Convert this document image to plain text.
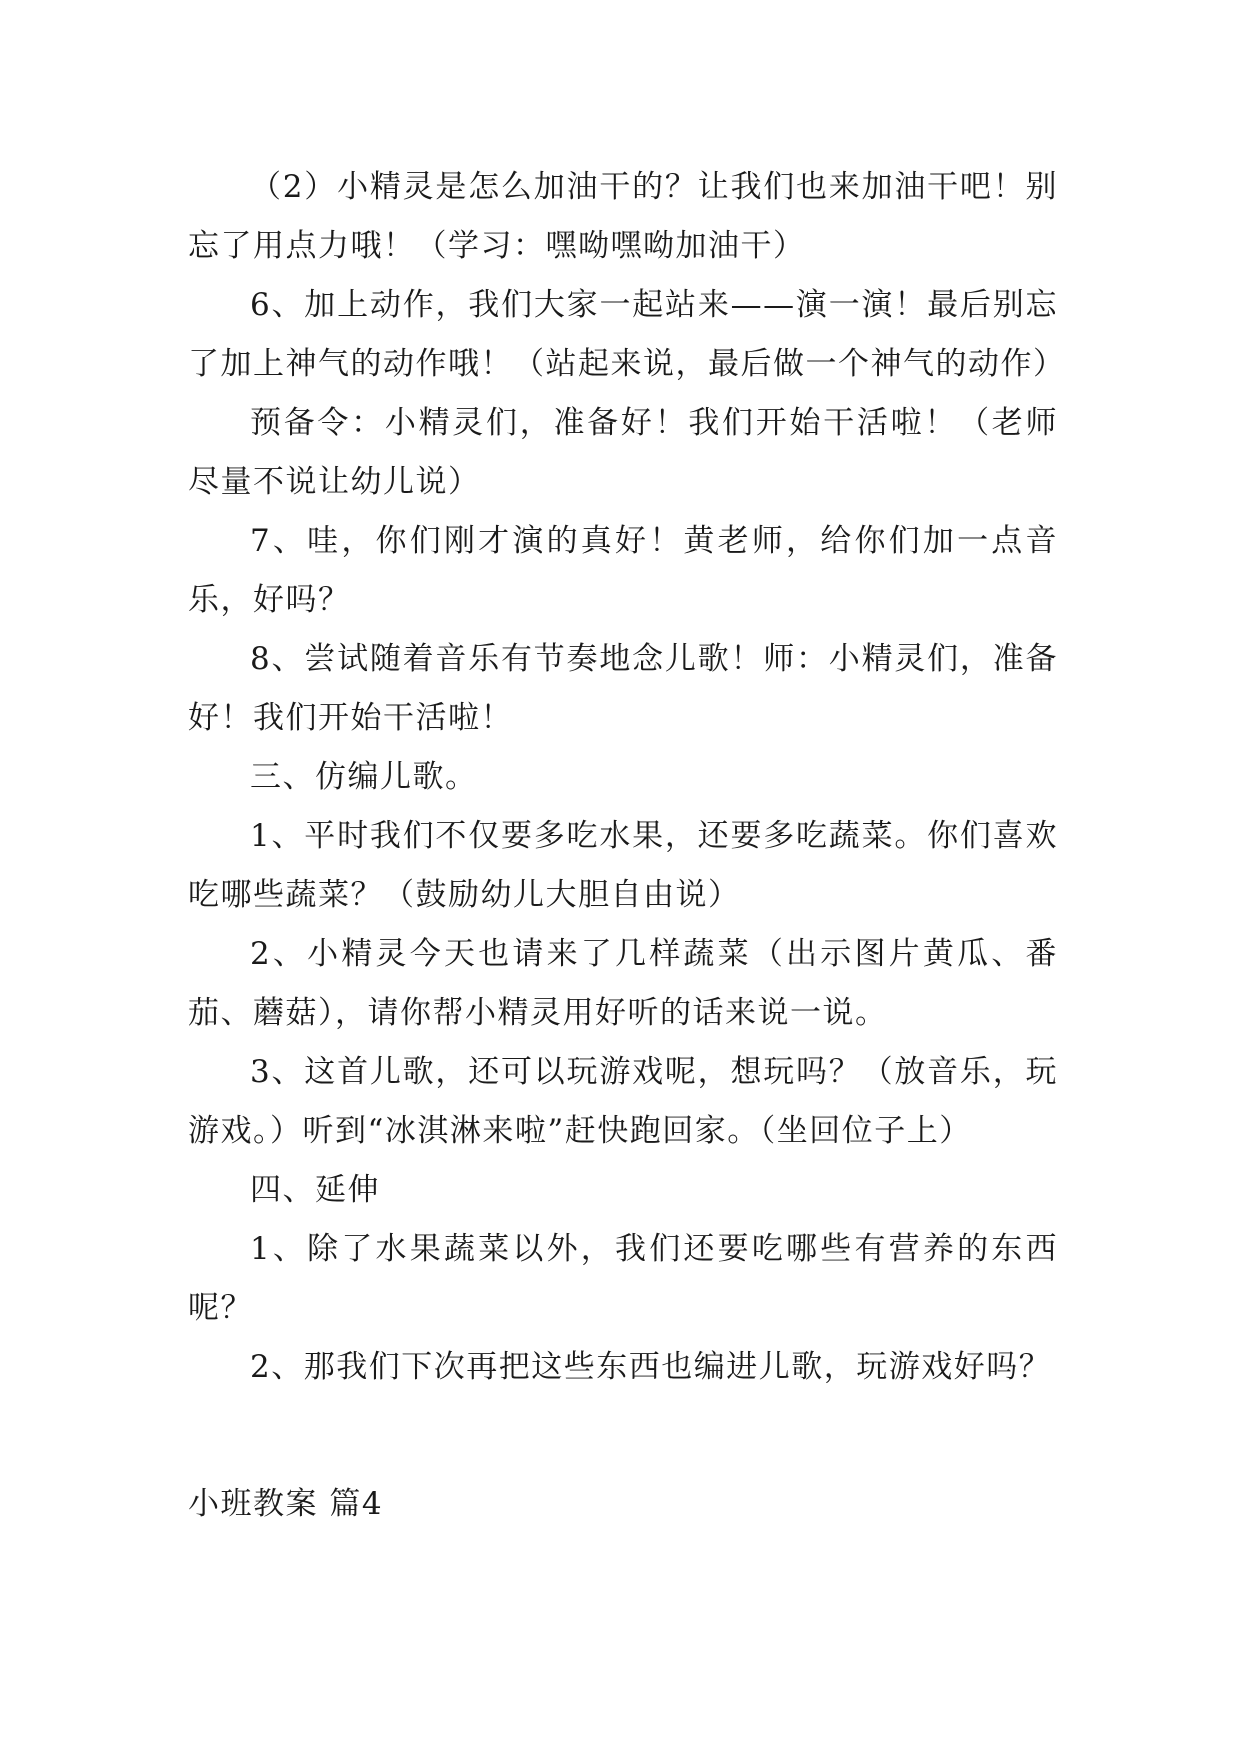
（2）小精灵是怎么加油干的？让我们也来加油干吧！别忘了用点力哦！（学习：嘿呦嘿呦加油干）

6、加上动作，我们大家一起站来——演一演！最后别忘了加上神气的动作哦！（站起来说，最后做一个神气的动作）

预备令：小精灵们，准备好！我们开始干活啦！（老师尽量不说让幼儿说）

7、哇，你们刚才演的真好！黄老师，给你们加一点音乐，好吗？

8、尝试随着音乐有节奏地念儿歌！师：小精灵们，准备好！我们开始干活啦！

三、仿编儿歌。

1、平时我们不仅要多吃水果，还要多吃蔬菜。你们喜欢吃哪些蔬菜？（鼓励幼儿大胆自由说）

2、小精灵今天也请来了几样蔬菜（出示图片黄瓜、番茄、蘑菇），请你帮小精灵用好听的话来说一说。

3、这首儿歌，还可以玩游戏呢，想玩吗？（放音乐，玩游戏。）听到“冰淇淋来啦”赶快跑回家。（坐回位子上）

四、延伸

1、除了水果蔬菜以外，我们还要吃哪些有营养的东西呢？

2、那我们下次再把这些东西也编进儿歌，玩游戏好吗？

小班教案 篇4
